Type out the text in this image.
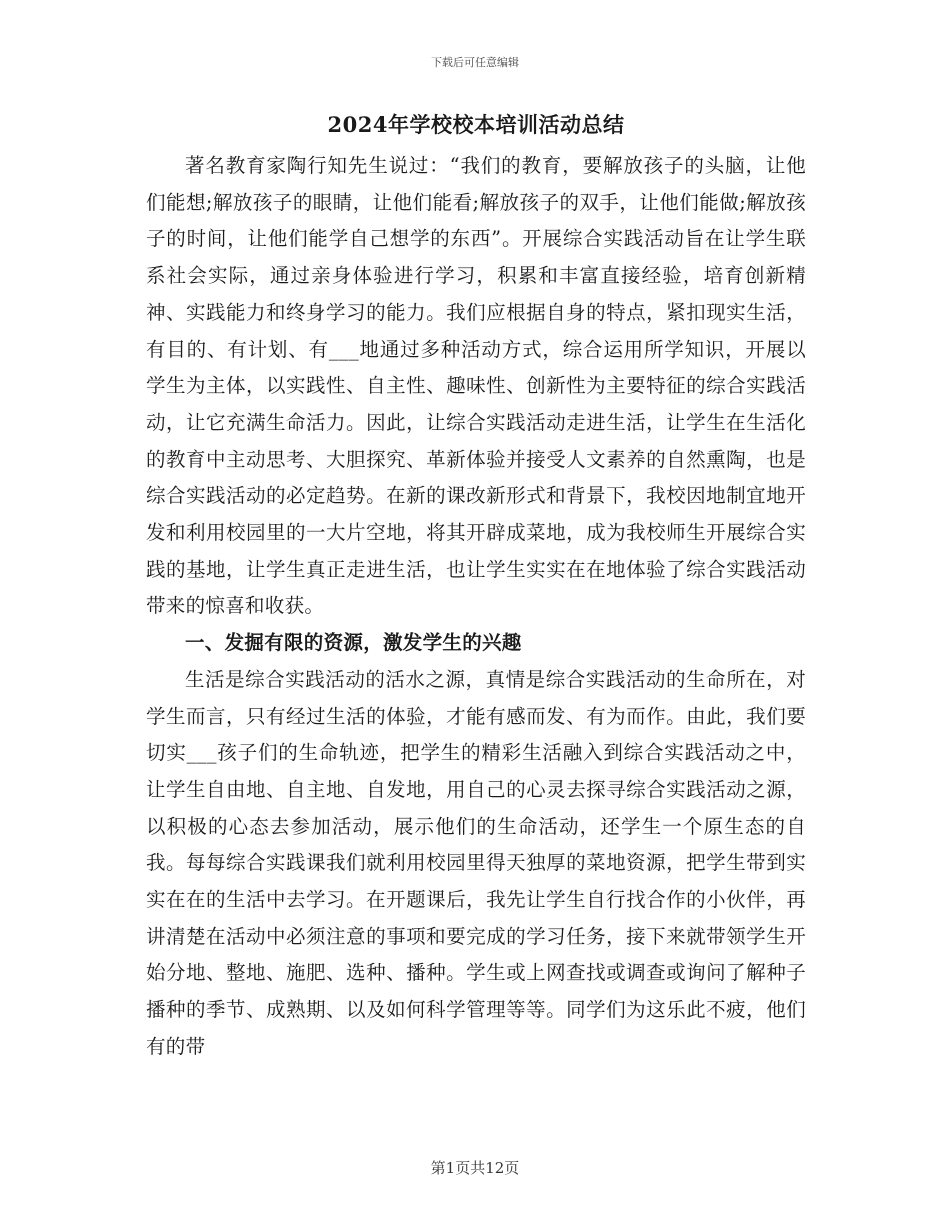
下载后可任意编辑
2024年学校校本培训活动总结

著名教育家陶行知先生说过：“我们的教育，要解放孩子的头脑，让他们能想;解放孩子的眼睛，让他们能看;解放孩子的双手，让他们能做;解放孩子的时间，让他们能学自己想学的东西”。开展综合实践活动旨在让学生联系社会实际，通过亲身体验进行学习，积累和丰富直接经验，培育创新精神、实践能力和终身学习的能力。我们应根据自身的特点，紧扣现实生活，有目的、有计划、有___地通过多种活动方式，综合运用所学知识，开展以学生为主体，以实践性、自主性、趣味性、创新性为主要特征的综合实践活动，让它充满生命活力。因此，让综合实践活动走进生活，让学生在生活化的教育中主动思考、大胆探究、革新体验并接受人文素养的自然熏陶，也是综合实践活动的必定趋势。在新的课改新形式和背景下，我校因地制宜地开发和利用校园里的一大片空地，将其开辟成菜地，成为我校师生开展综合实践的基地，让学生真正走进生活，也让学生实实在在地体验了综合实践活动带来的惊喜和收获。

一、发掘有限的资源，激发学生的兴趣

生活是综合实践活动的活水之源，真情是综合实践活动的生命所在，对学生而言，只有经过生活的体验，才能有感而发、有为而作。由此，我们要切实___孩子们的生命轨迹，把学生的精彩生活融入到综合实践活动之中，让学生自由地、自主地、自发地，用自己的心灵去探寻综合实践活动之源，以积极的心态去参加活动，展示他们的生命活动，还学生一个原生态的自我。每每综合实践课我们就利用校园里得天独厚的菜地资源，把学生带到实实在在的生活中去学习。在开题课后，我先让学生自行找合作的小伙伴，再讲清楚在活动中必须注意的事项和要完成的学习任务，接下来就带领学生开始分地、整地、施肥、选种、播种。学生或上网查找或调查或询问了解种子播种的季节、成熟期、以及如何科学管理等等。同学们为这乐此不疲，他们有的带

第1页共12页
